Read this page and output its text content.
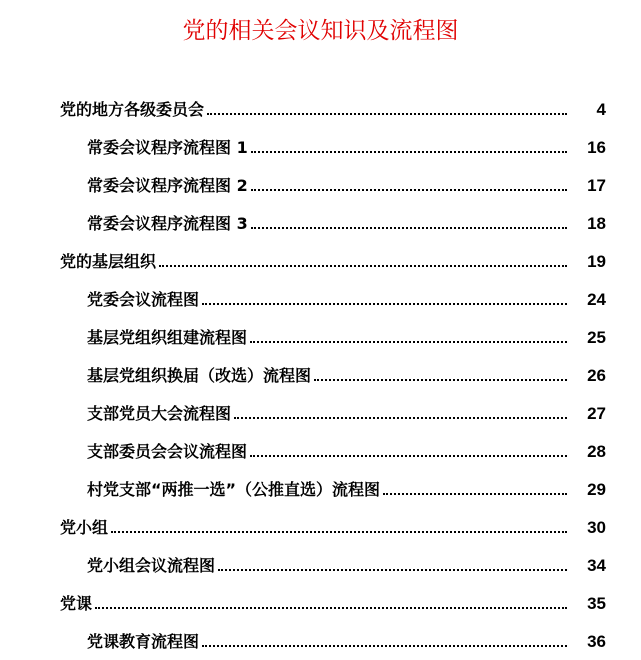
党的相关会议知识及流程图
党的地方各级委员会	4
常委会议程序流程图 1	16
常委会议程序流程图 2	17
常委会议程序流程图 3	18
党的基层组织	19
党委会议流程图	24
基层党组织组建流程图	25
基层党组织换届（改选）流程图	26
支部党员大会流程图	27
支部委员会会议流程图	28
村党支部“两推一选”（公推直选）流程图	29
党小组	30
党小组会议流程图	34
党课	35
党课教育流程图	36
